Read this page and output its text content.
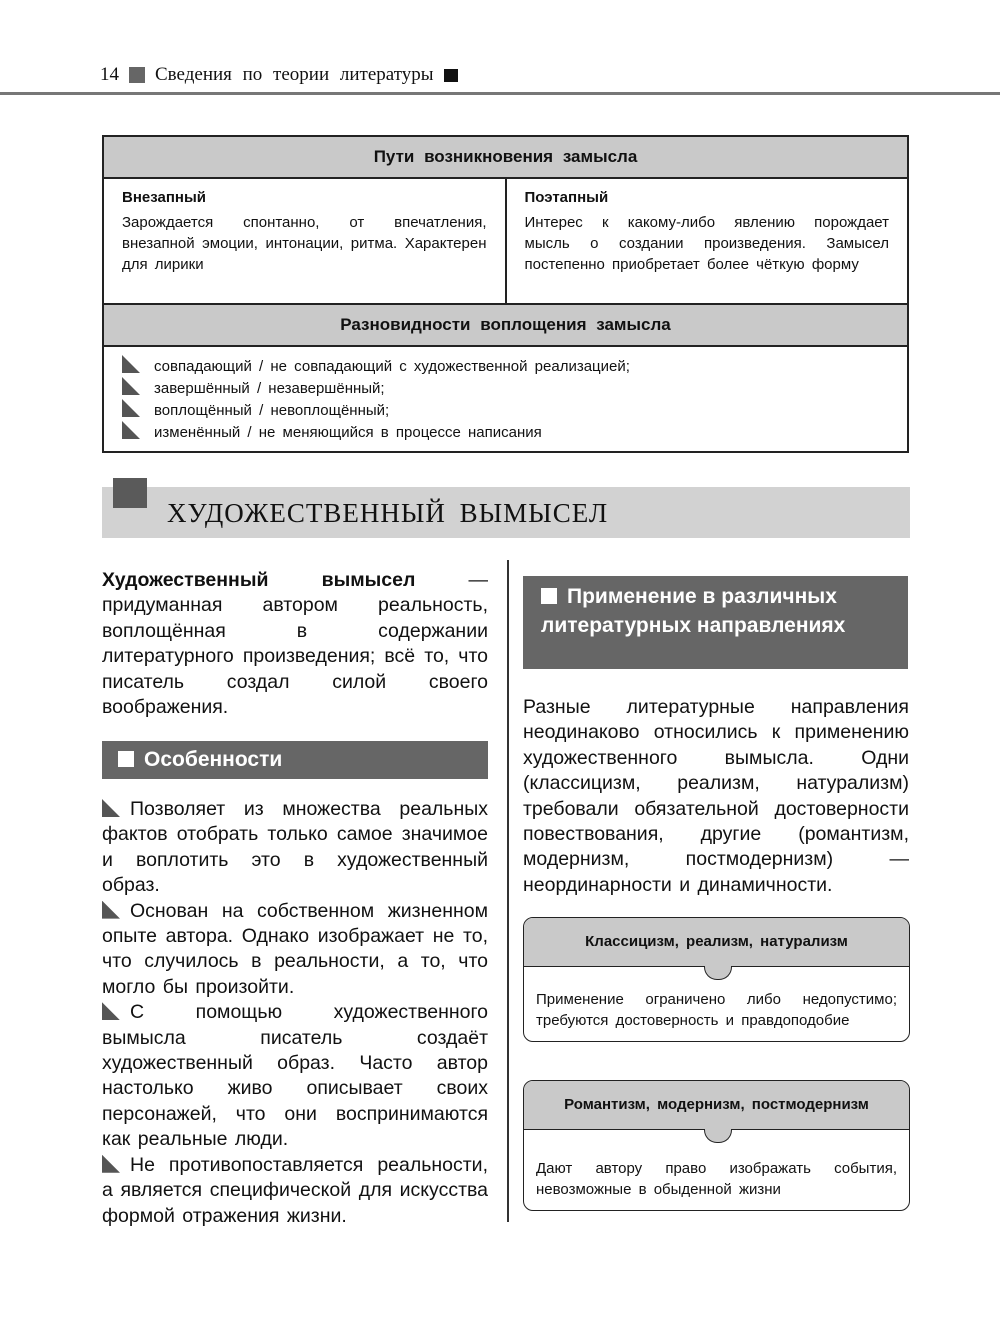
14 Сведения по теории литературы
Пути возникновения замысла

Внезапный
Зарождается спонтанно, от впечатления, внезапной эмоции, интонации, ритма. Характерен для лирики	
Поэтапный
Интерес к какому-либо явлению порождает мысль о создании произведения. Замысел постепенно приобретает более чёткую форму
Разновидности воплощения замысла

совпадающий / не совпадающий с художественной реализацией;
завершённый / незавершённый;
воплощённый / невоплощённый;
изменённый / не меняющийся в процессе написания
ХУДОЖЕСТВЕННЫЙ ВЫМЫСЕЛ
Художественный вымысел — придуманная автором реальность, воплощённая в содержании литературного произведения; всё то, что писатель создал силой своего воображения.
Особенности
Позволяет из множества реальных фактов отобрать только самое значимое и воплотить это в художественный образ.
Основан на собственном жизненном опыте автора. Однако изображает не то, что случилось в реальности, а то, что могло бы произойти.
С помощью художественного вымысла писатель создаёт художественный образ. Часто автор настолько живо описывает своих персонажей, что они воспринимаются как реальные люди.
Не противопоставляется реальности, а является специфической для искусства формой отражения жизни.
Применение в различных литературных направлениях
Разные литературные направления неодинаково относились к применению художественного вымысла. Одни (классицизм, реализм, натурализм) требовали обязательной достоверности повествования, другие (романтизм, модернизм, постмодернизм) — неординарности и динамичности.
Классицизм, реализм, натурализм
Применение ограничено либо недопустимо; требуются достоверность и правдоподобие
Романтизм, модернизм, постмодернизм
Дают автору право изображать события, невозможные в обыденной жизни
